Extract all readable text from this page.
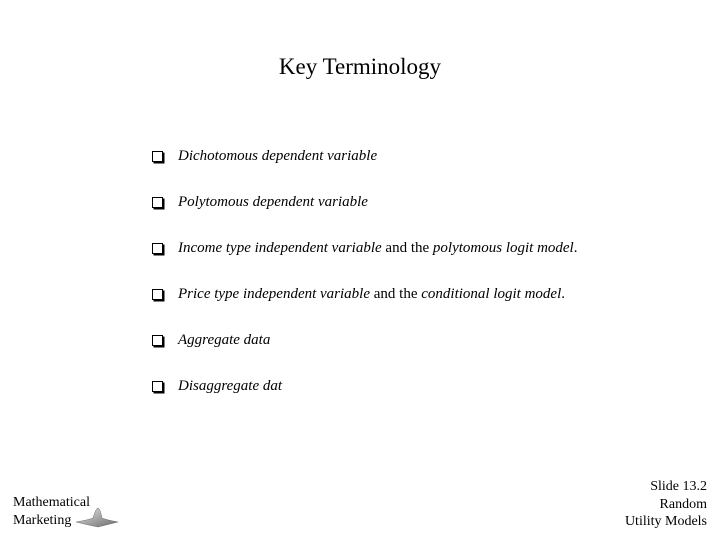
Key Terminology
Dichotomous dependent variable
Polytomous dependent variable
Income type independent variable and the polytomous logit model .
Price type independent variable and the conditional logit model .
Aggregate data
Disaggregate dat
Mathematical
Marketing
Slide 13.2
Random
Utility Models
